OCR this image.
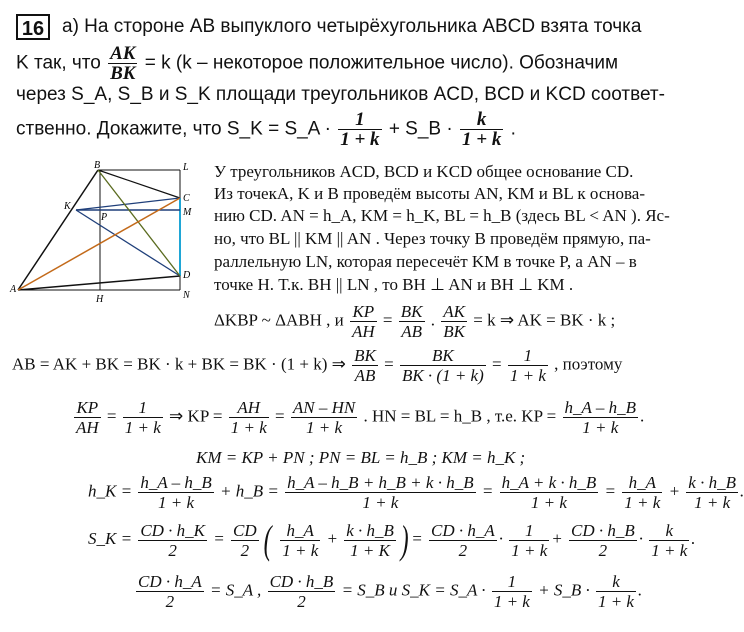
16 а) На стороне AB выпуклого четырёхугольника ABCD взята точка
K так, что $\frac{AK}{BK} = k$ (k – некоторое положительное число). Обозначим
через S_A, S_B и S_K площади треугольников ACD, BCD и KCD соответ-
ственно. Докажите, что S_K = S_A · $\frac{1}{1 + k}$ + S_B · $\frac{k}{1 + k}$ .
B	L
C
K
P	M
A
H
D
N
У треугольников ACD, BCD и KCD общее основание CD.
Из точекA, K и B проведём высоты AN, KM и BL к основа-
нию CD. AN = h_A, KM = h_K, BL = h_B (здесь BL < AN ). Яс-
но, что BL || KM || AN . Через точку B проведём прямую, па-
раллельную LN, которая пересечёт KM в точке P, а AN – в
точке H. Т.к. BH || LN , то BH ⊥ AN и BH ⊥ KM .
ΔKBP ~ ΔABH , и $\frac{KP}{AH} = \frac{BK}{AB}$ . $\frac{AK}{BK} = k$ ⇒ AK = BK · k ;
AB = AK + BK = BK · k + BK = BK · (1 + k) ⇒ $\frac{BK}{AB} = \frac{BK}{BK \cdot (1 + k)} = \frac{1}{1 + k}$ , поэтому
$\frac{KP}{AH} = \frac{1}{1 + k}$ ⇒ KP = $\frac{AH}{1 + k} = \frac{AN - HN}{1 + k}$ . HN = BL = h_B , т.е. KP = $\frac{h\_A - h\_B}{1 + k}$ .
KM = KP + PN ; PN = BL = h_B ; KM = h_K ;
h_K = $\frac{h\_A - h\_B}{1 + k}$ + h_B = $\frac{h\_A - h\_B + h\_B + k \cdot h\_B}{1 + k} = \frac{h\_A + k \cdot h\_B}{1 + k} = \frac{h\_A}{1 + k} + \frac{k \cdot h\_B}{1 + k}$ .
S_K = $\frac{CD \cdot h\_K}{2} = \frac{CD}{2}$ ( $\frac{h\_A}{1 + k} + \frac{k \cdot h\_B}{1 + K}$ ) = $\frac{CD \cdot h\_A}{2} \cdot \frac{1}{1 + k} + \frac{CD \cdot h\_B}{2} \cdot \frac{k}{1 + k}$ .
$\frac{CD \cdot h\_A}{2}$ = S_A , $\frac{CD \cdot h\_B}{2}$ = S_B и S_K = S_A · $\frac{1}{1 + k}$ + S_B · $\frac{k}{1 + k}$ .
